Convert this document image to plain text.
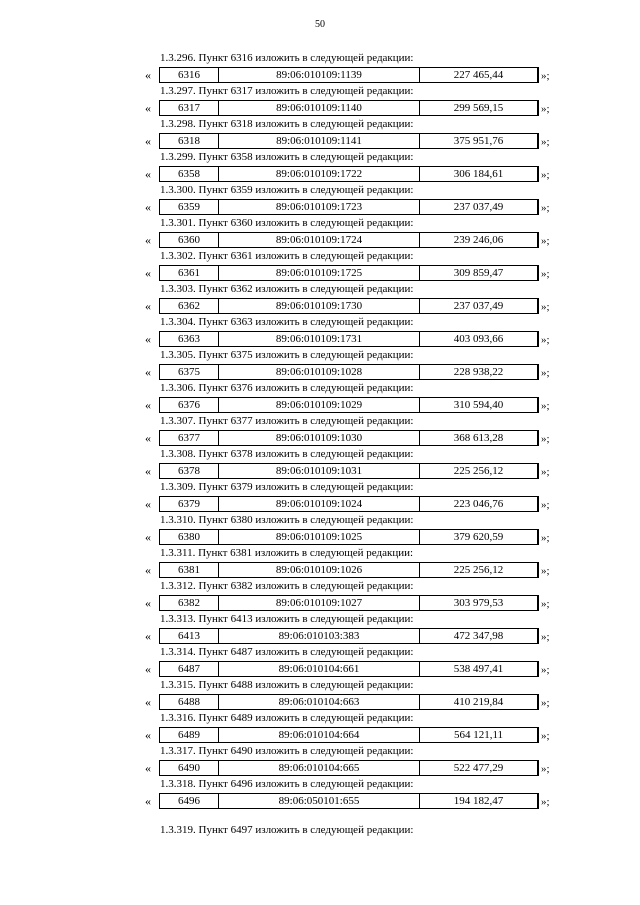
50
1.3.296. Пункт 6316 изложить в следующей редакции:
«	6316	89:06:010109:1139	227 465,44	»;
1.3.297. Пункт 6317 изложить в следующей редакции:
«	6317	89:06:010109:1140	299 569,15	»;
1.3.298. Пункт 6318 изложить в следующей редакции:
«	6318	89:06:010109:1141	375 951,76	»;
1.3.299. Пункт 6358 изложить в следующей редакции:
«	6358	89:06:010109:1722	306 184,61	»;
1.3.300. Пункт 6359 изложить в следующей редакции:
«	6359	89:06:010109:1723	237 037,49	»;
1.3.301. Пункт 6360 изложить в следующей редакции:
«	6360	89:06:010109:1724	239 246,06	»;
1.3.302. Пункт 6361 изложить в следующей редакции:
«	6361	89:06:010109:1725	309 859,47	»;
1.3.303. Пункт 6362 изложить в следующей редакции:
«	6362	89:06:010109:1730	237 037,49	»;
1.3.304. Пункт 6363 изложить в следующей редакции:
«	6363	89:06:010109:1731	403 093,66	»;
1.3.305. Пункт 6375 изложить в следующей редакции:
«	6375	89:06:010109:1028	228 938,22	»;
1.3.306. Пункт 6376 изложить в следующей редакции:
«	6376	89:06:010109:1029	310 594,40	»;
1.3.307. Пункт 6377 изложить в следующей редакции:
«	6377	89:06:010109:1030	368 613,28	»;
1.3.308. Пункт 6378 изложить в следующей редакции:
«	6378	89:06:010109:1031	225 256,12	»;
1.3.309. Пункт 6379 изложить в следующей редакции:
«	6379	89:06:010109:1024	223 046,76	»;
1.3.310. Пункт 6380 изложить в следующей редакции:
«	6380	89:06:010109:1025	379 620,59	»;
1.3.311. Пункт 6381 изложить в следующей редакции:
«	6381	89:06:010109:1026	225 256,12	»;
1.3.312. Пункт 6382 изложить в следующей редакции:
«	6382	89:06:010109:1027	303 979,53	»;
1.3.313. Пункт 6413 изложить в следующей редакции:
«	6413	89:06:010103:383	472 347,98	»;
1.3.314. Пункт 6487 изложить в следующей редакции:
«	6487	89:06:010104:661	538 497,41	»;
1.3.315. Пункт 6488 изложить в следующей редакции:
«	6488	89:06:010104:663	410 219,84	»;
1.3.316. Пункт 6489 изложить в следующей редакции:
«	6489	89:06:010104:664	564 121,11	»;
1.3.317. Пункт 6490 изложить в следующей редакции:
«	6490	89:06:010104:665	522 477,29	»;
1.3.318. Пункт 6496 изложить в следующей редакции:
«	6496	89:06:050101:655	194 182,47	»;
1.3.319. Пункт 6497 изложить в следующей редакции:
